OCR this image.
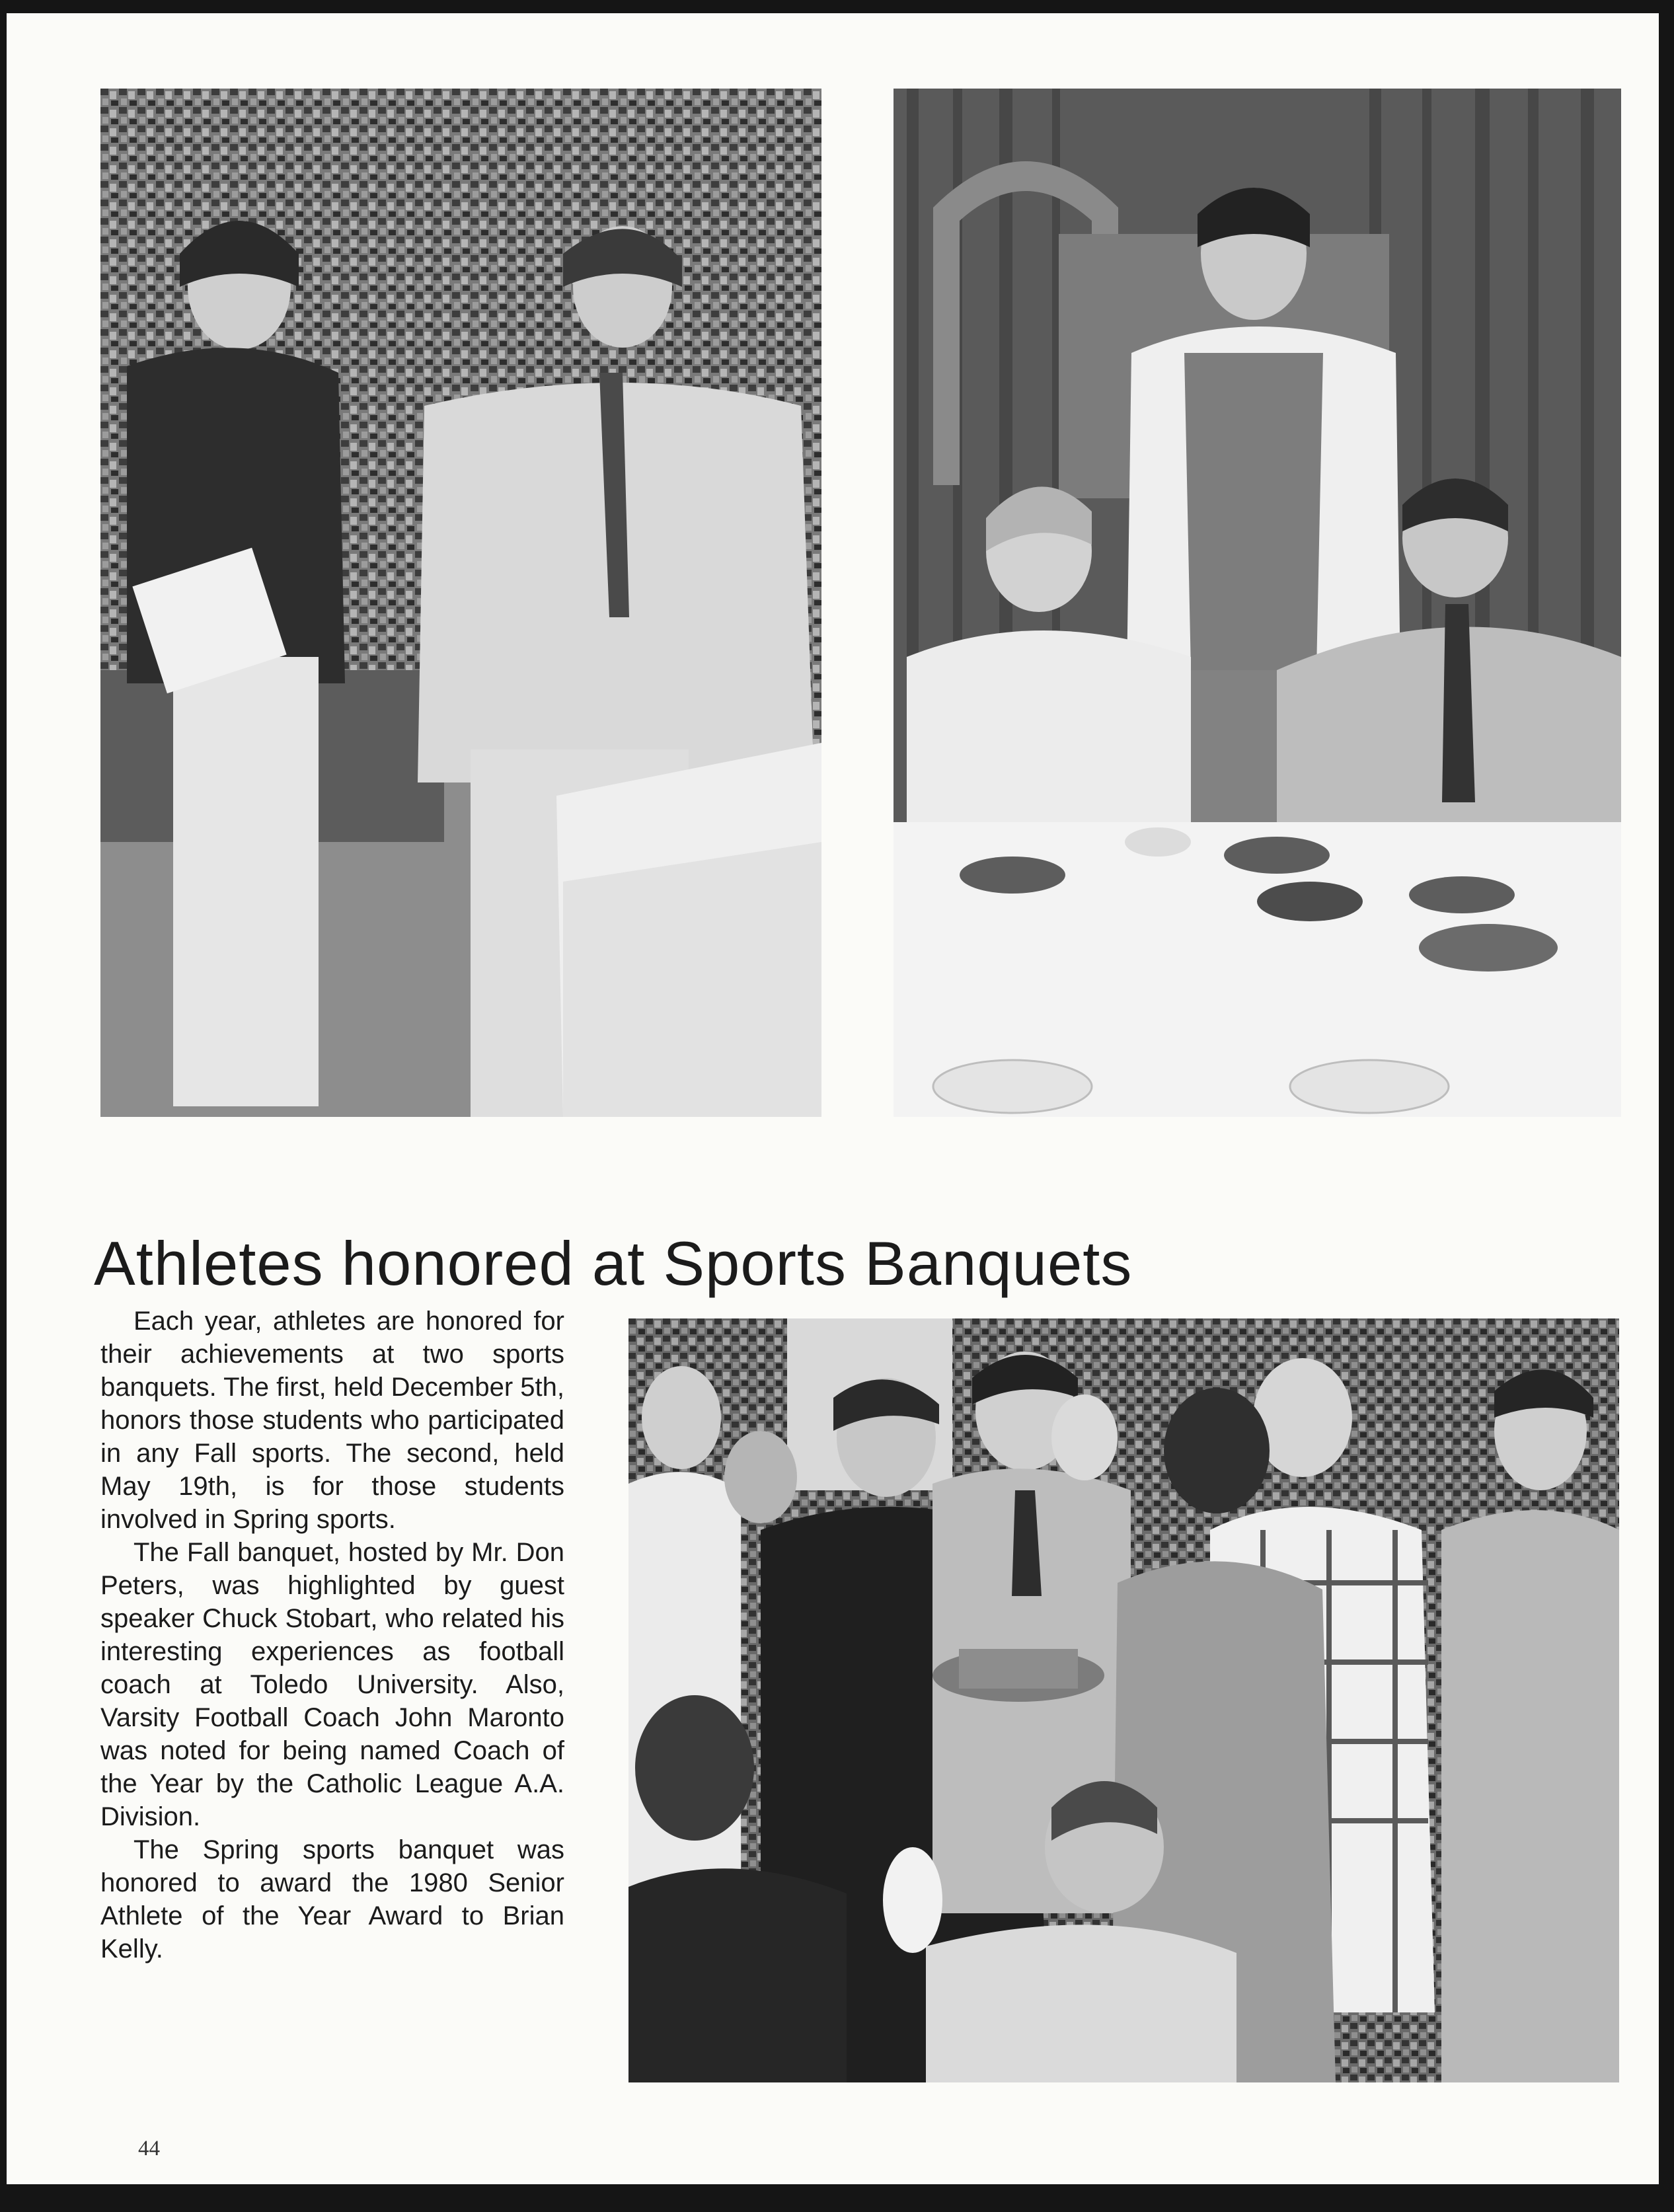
Athletes honored at Sports Banquets

Each year, athletes are honored for their achievements at two sports banquets. The first, held December 5th, honors those students who participated in any Fall sports. The second, held May 19th, is for those students involved in Spring sports.

The Fall banquet, hosted by Mr. Don Peters, was highlighted by guest speaker Chuck Stobart, who related his interesting experiences as football coach at Toledo University. Also, Varsity Football Coach John Maronto was noted for being named Coach of the Year by the Catholic League A.A. Division.

The Spring sports banquet was honored to award the 1980 Senior Athlete of the Year Award to Brian Kelly.

44
